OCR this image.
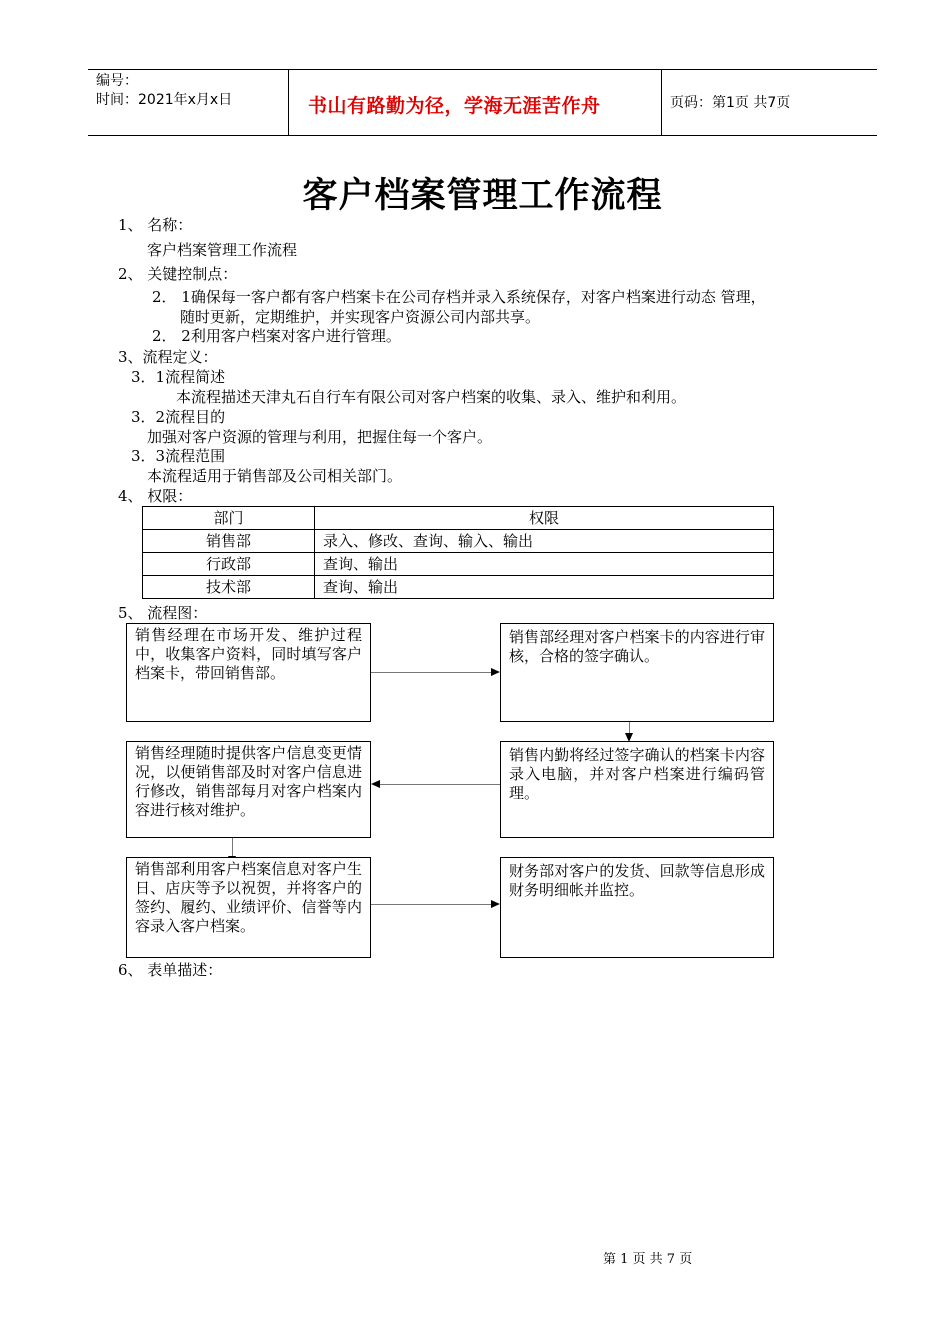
编号：
时间：2021年x月x日	书山有路勤为径，学海无涯苦作舟	页码：第1页 共7页
客户档案管理工作流程
1、 名称：
客户档案管理工作流程
2、 关键控制点：
2． 1确保每一客户都有客户档案卡在公司存档并录入系统保存，对客户档案进行动态 管理，
随时更新，定期维护，并实现客户资源公司内部共享。
2． 2利用客户档案对客户进行管理。
3、流程定义：
3．1流程简述
本流程描述天津丸石自行车有限公司对客户档案的收集、录入、维护和利用。
3．2流程目的
加强对客户资源的管理与利用，把握住每一个客户。
3．3流程范围
本流程适用于销售部及公司相关部门。
4、 权限：
部门	权限
销售部	录入、修改、查询、输入、输出
行政部	查询、输出
技术部	查询、输出
5、 流程图：
销售经理在市场开发、维护过程中，收集客户资料，同时填写客户档案卡，带回销售部。
销售部经理对客户档案卡的内容进行审核，合格的签字确认。
销售内勤将经过签字确认的档案卡内容录入电脑，并对客户档案进行编码管理。
销售经理随时提供客户信息变更情况，以便销售部及时对客户信息进行修改，销售部每月对客户档案内容进行核对维护。
销售部利用客户档案信息对客户生日、店庆等予以祝贺，并将客户的签约、履约、业绩评价、信誉等内容录入客户档案。
财务部对客户的发货、回款等信息形成财务明细帐并监控。
6、 表单描述：
第 1 页 共 7 页
